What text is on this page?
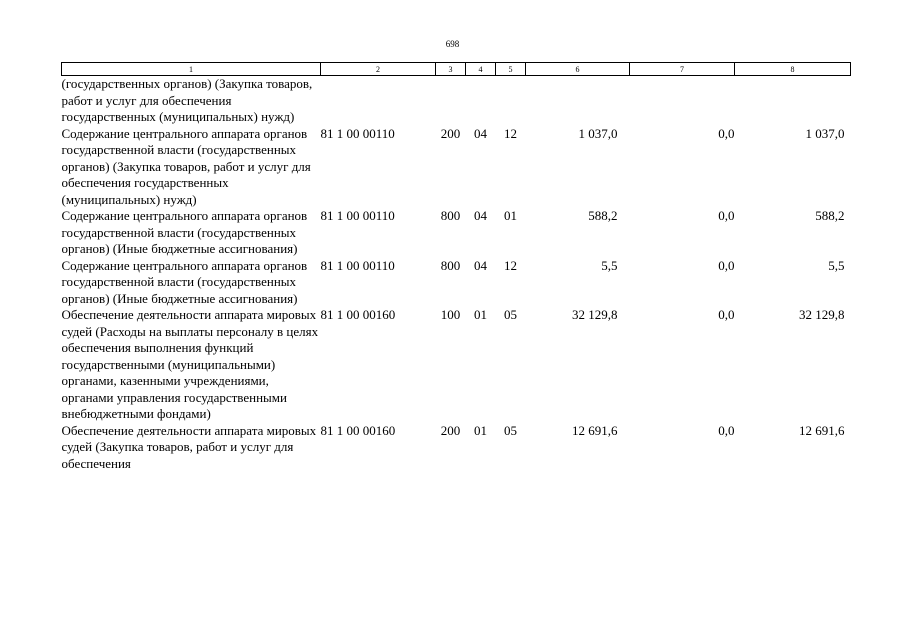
698
1	2	3	4	5	6	7	8
(государственных органов) (Закупка товаров, работ и услуг для обеспечения государственных (муниципальных) нужд)							
Содержание центрального аппарата органов государственной власти (государственных органов) (Закупка товаров, работ и услуг для обеспечения государственных (муниципальных) нужд)	81 1 00 00110	200	04	12	1 037,0	0,0	1 037,0
Содержание центрального аппарата органов государственной власти (государственных органов) (Иные бюджетные ассигнования)	81 1 00 00110	800	04	01	588,2	0,0	588,2
Содержание центрального аппарата органов государственной власти (государственных органов) (Иные бюджетные ассигнования)	81 1 00 00110	800	04	12	5,5	0,0	5,5
Обеспечение деятельности аппарата мировых судей (Расходы на выплаты персоналу в целях обеспечения выполнения функций государственными (муниципальными) органами, казенными учреждениями, органами управления государственными внебюджетными фондами)	81 1 00 00160	100	01	05	32 129,8	0,0	32 129,8
Обеспечение деятельности аппарата мировых судей (Закупка товаров, работ и услуг для обеспечения	81 1 00 00160	200	01	05	12 691,6	0,0	12 691,6
